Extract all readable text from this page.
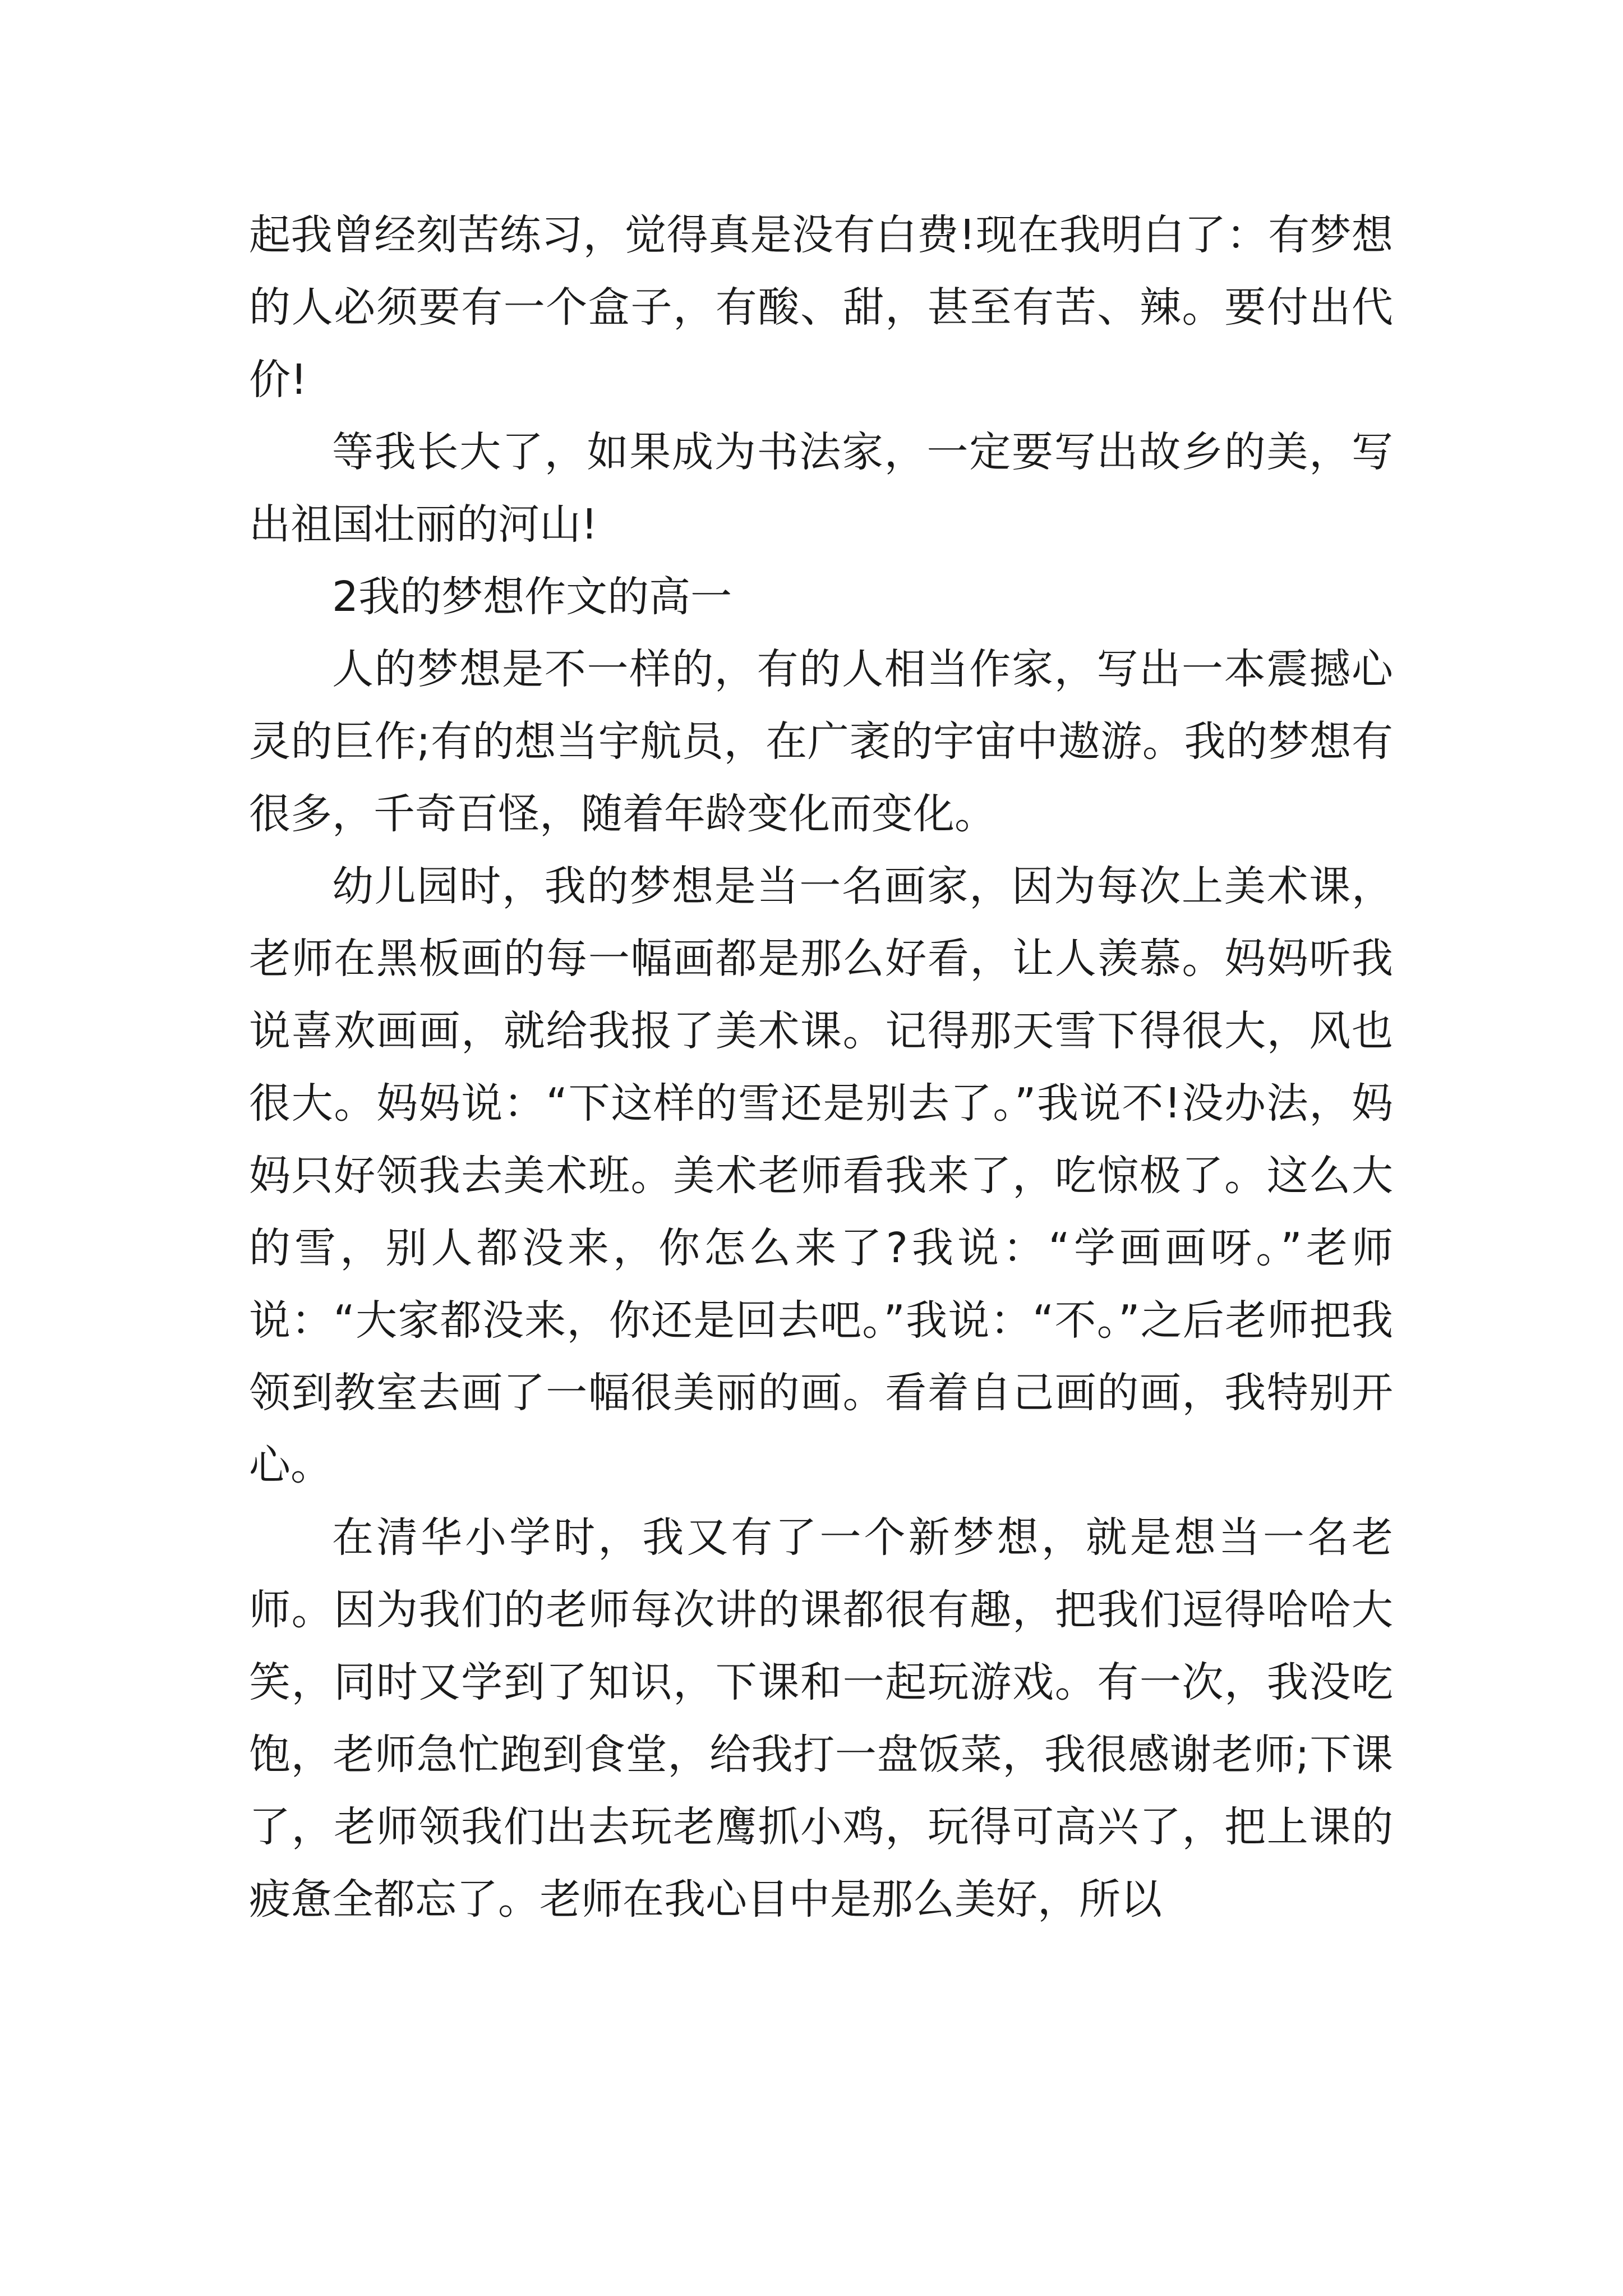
起我曾经刻苦练习，觉得真是没有白费!现在我明白了：有梦想的人必须要有一个盒子，有酸、甜，甚至有苦、辣。要付出代价!

等我长大了，如果成为书法家，一定要写出故乡的美，写出祖国壮丽的河山!

2我的梦想作文的高一

人的梦想是不一样的，有的人相当作家，写出一本震撼心灵的巨作;有的想当宇航员，在广袤的宇宙中遨游。我的梦想有很多，千奇百怪，随着年龄变化而变化。

幼儿园时，我的梦想是当一名画家，因为每次上美术课，老师在黑板画的每一幅画都是那么好看，让人羡慕。妈妈听我说喜欢画画，就给我报了美术课。记得那天雪下得很大，风也很大。妈妈说：“下这样的雪还是别去了。”我说不!没办法，妈妈只好领我去美术班。美术老师看我来了，吃惊极了。这么大的雪，别人都没来，你怎么来了?我说：“学画画呀。”老师说：“大家都没来，你还是回去吧。”我说：“不。”之后老师把我领到教室去画了一幅很美丽的画。看着自己画的画，我特别开心。

在清华小学时，我又有了一个新梦想，就是想当一名老师。因为我们的老师每次讲的课都很有趣，把我们逗得哈哈大笑，同时又学到了知识，下课和一起玩游戏。有一次，我没吃饱，老师急忙跑到食堂，给我打一盘饭菜，我很感谢老师;下课了，老师领我们出去玩老鹰抓小鸡，玩得可高兴了，把上课的疲惫全都忘了。老师在我心目中是那么美好，所以
